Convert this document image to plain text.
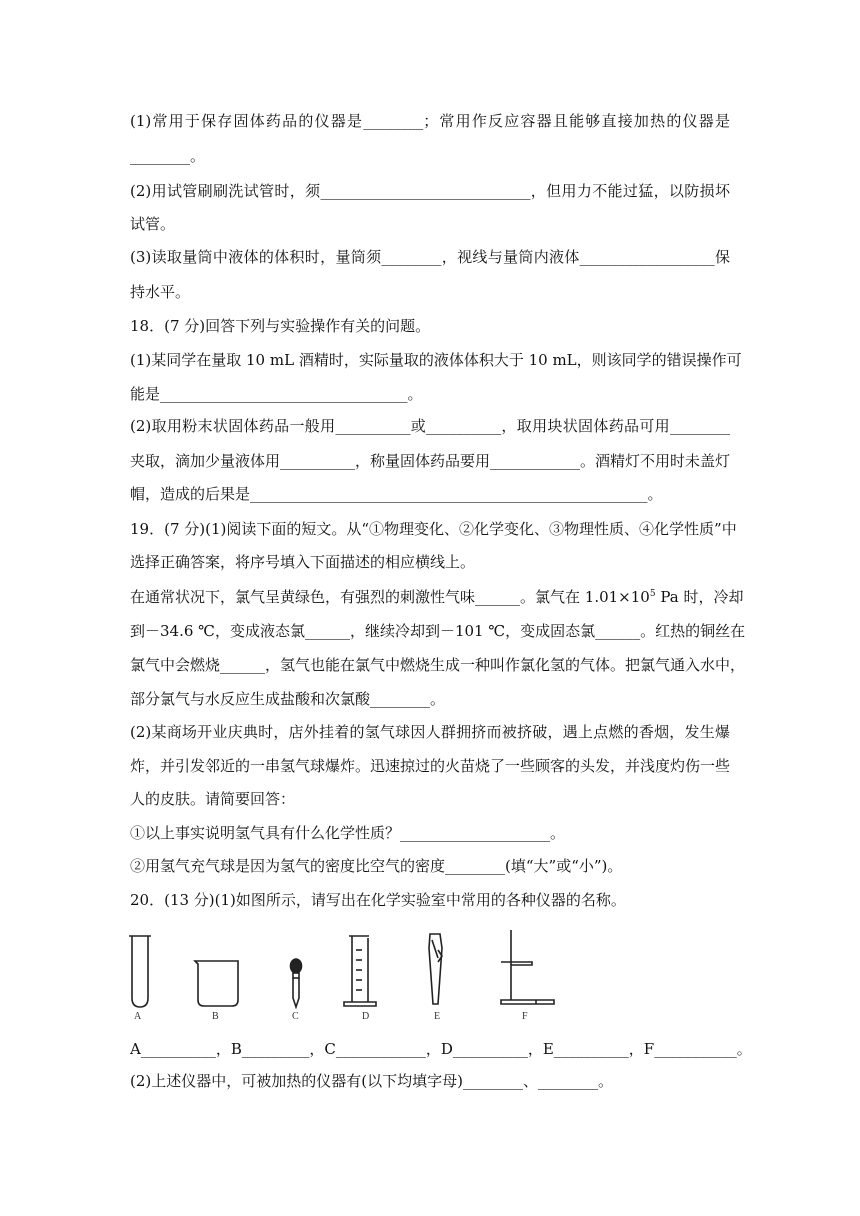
(1)常用于保存固体药品的仪器是________；常用作反应容器且能够直接加热的仪器是
________。
(2)用试管刷刷洗试管时，须____________________________，但用力不能过猛，以防损坏
试管。
(3)读取量筒中液体的体积时，量筒须________，视线与量筒内液体__________________保
持水平。
18．(7 分)回答下列与实验操作有关的问题。
(1)某同学在量取 10 mL 酒精时，实际量取的液体体积大于 10 mL，则该同学的错误操作可
能是_________________________________。
(2)取用粉末状固体药品一般用__________或__________，取用块状固体药品可用________
夹取，滴加少量液体用__________，称量固体药品要用____________。酒精灯不用时未盖灯
帽，造成的后果是_____________________________________________________。
19．(7 分)(1)阅读下面的短文。从“①物理变化、②化学变化、③物理性质、④化学性质”中
选择正确答案，将序号填入下面描述的相应横线上。
在通常状况下，氯气呈黄绿色，有强烈的刺激性气味______。氯气在 $1.01\times 10^5$ Pa 时，冷却
到－34.6 ℃，变成液态氯______，继续冷却到－101 ℃，变成固态氯______。红热的铜丝在
氯气中会燃烧______，氢气也能在氯气中燃烧生成一种叫作氯化氢的气体。把氯气通入水中，
部分氯气与水反应生成盐酸和次氯酸________。
(2)某商场开业庆典时，店外挂着的氢气球因人群拥挤而被挤破，遇上点燃的香烟，发生爆
炸，并引发邻近的一串氢气球爆炸。迅速掠过的火苗烧了一些顾客的头发，并浅度灼伤一些
人的皮肤。请简要回答：
①以上事实说明氢气具有什么化学性质？____________________。
②用氢气充气球是因为氢气的密度比空气的密度________(填“大”或“小”)。
20．(13 分)(1)如图所示，请写出在化学实验室中常用的各种仪器的名称。
A	B	C	D	E	F
A__________，B_________，C____________，D__________，E__________，F___________。
(2)上述仪器中，可被加热的仪器有(以下均填字母)________、________。
